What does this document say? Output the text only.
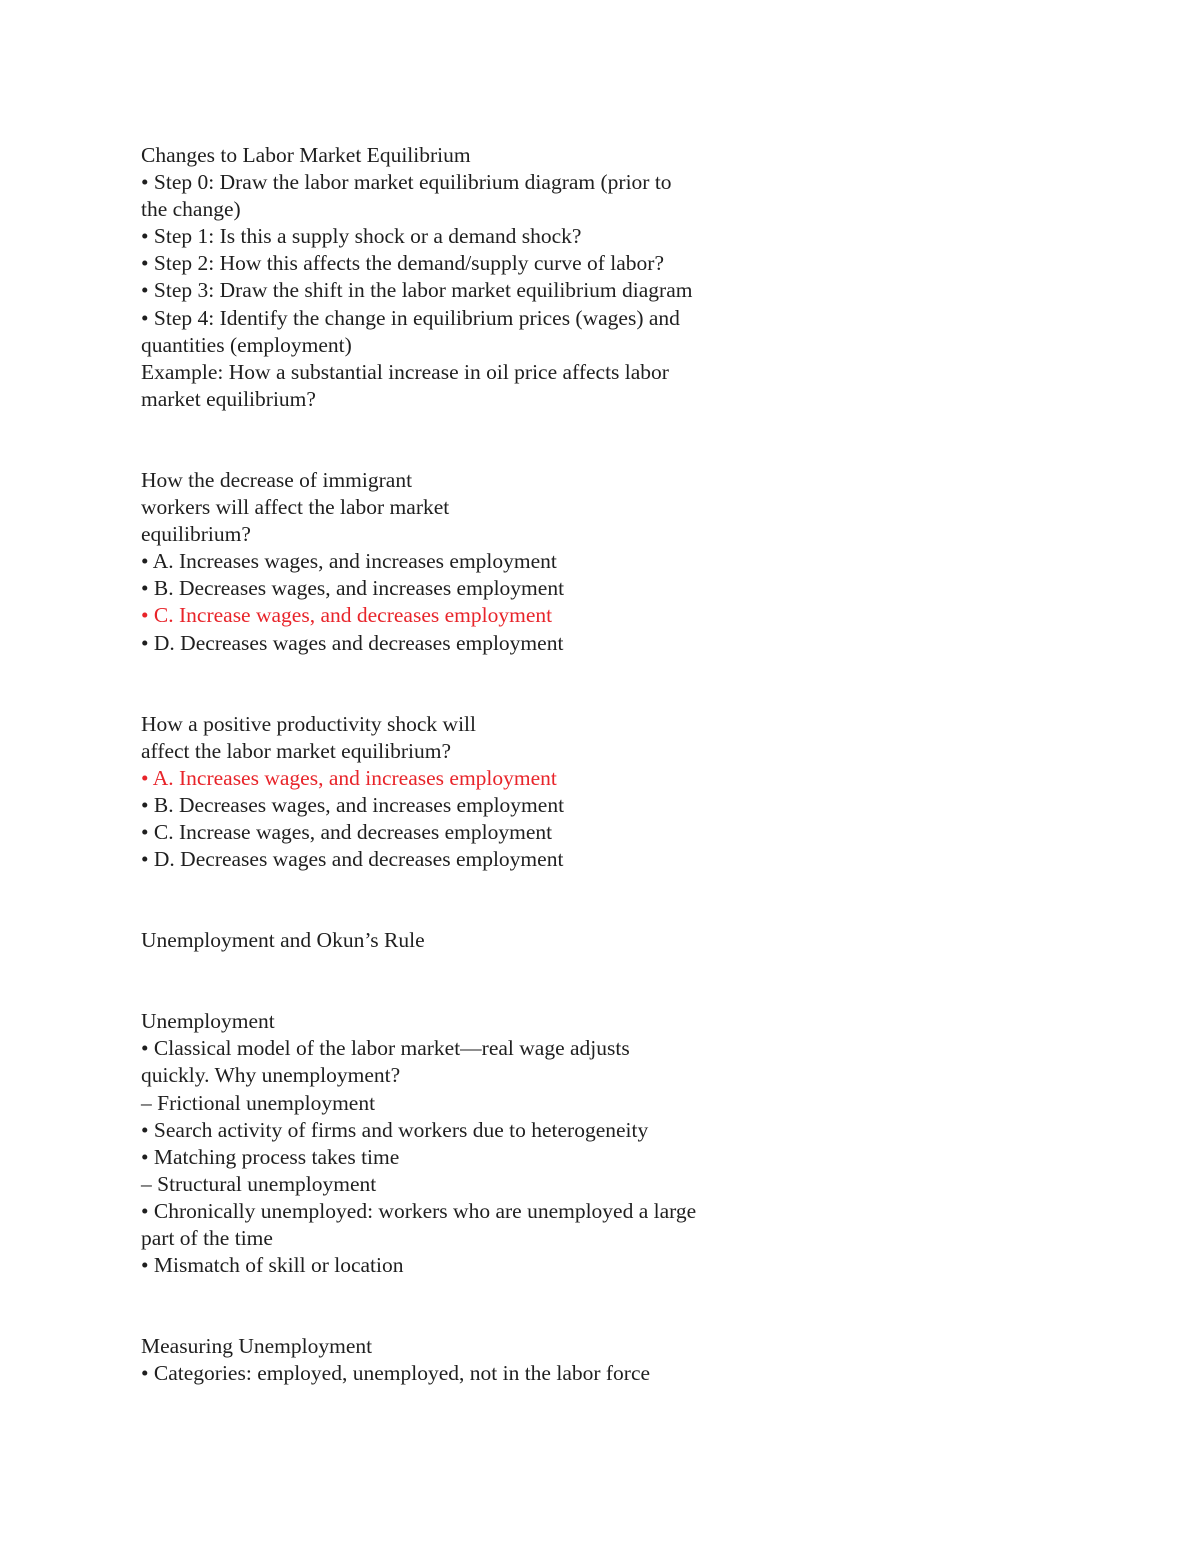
Changes to Labor Market Equilibrium
• Step 0: Draw the labor market equilibrium diagram (prior to
the change)
• Step 1: Is this a supply shock or a demand shock?
• Step 2: How this affects the demand/supply curve of labor?
• Step 3: Draw the shift in the labor market equilibrium diagram
• Step 4: Identify the change in equilibrium prices (wages) and
quantities (employment)
Example: How a substantial increase in oil price affects labor
market equilibrium?
How the decrease of immigrant
workers will affect the labor market
equilibrium?
• A. Increases wages, and increases employment
• B. Decreases wages, and increases employment
• C. Increase wages, and decreases employment
• D. Decreases wages and decreases employment
How a positive productivity shock will
affect the labor market equilibrium?
• A. Increases wages, and increases employment
• B. Decreases wages, and increases employment
• C. Increase wages, and decreases employment
• D. Decreases wages and decreases employment
Unemployment and Okun’s Rule
Unemployment
• Classical model of the labor market—real wage adjusts
quickly. Why unemployment?
– Frictional unemployment
• Search activity of firms and workers due to heterogeneity
• Matching process takes time
– Structural unemployment
• Chronically unemployed: workers who are unemployed a large
part of the time
• Mismatch of skill or location
Measuring Unemployment
• Categories: employed, unemployed, not in the labor force
